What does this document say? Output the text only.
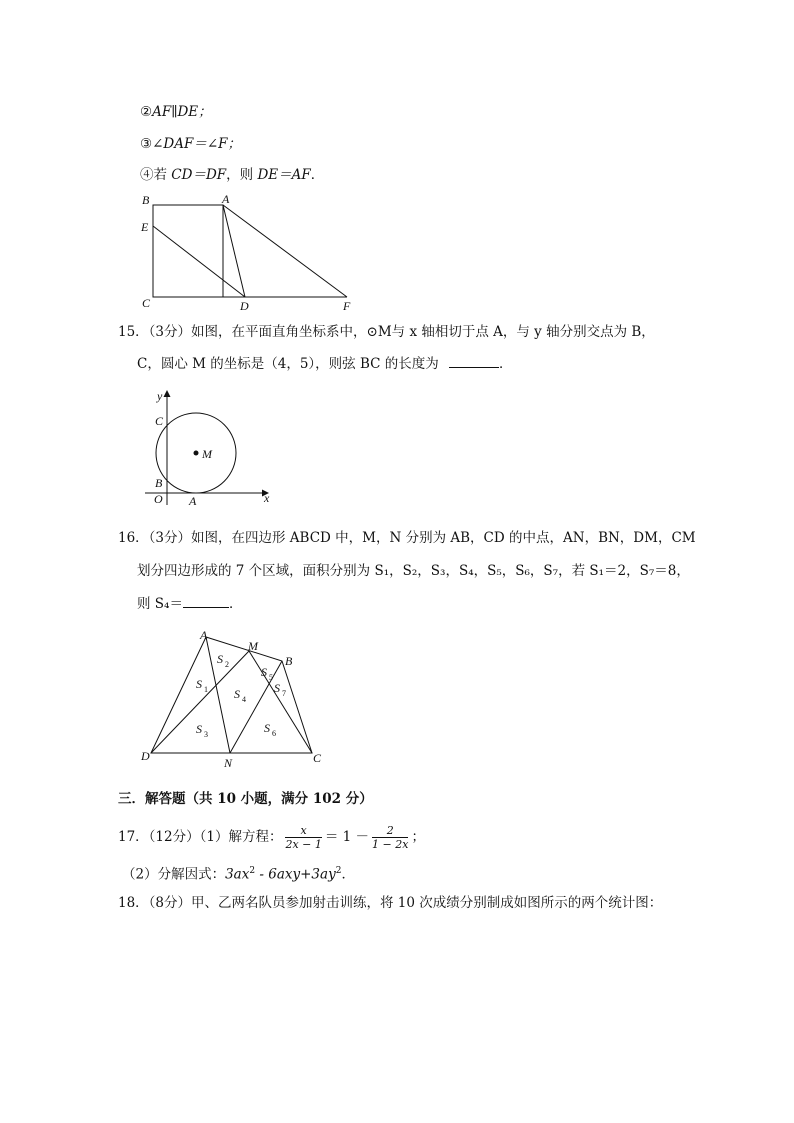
②AF∥DE；
③∠DAF＝∠F；
④若 CD＝DF，则 DE＝AF．
B	A
E
C	D	F
15．（3分）如图，在平面直角坐标系中，⊙M与 x 轴相切于点 A，与 y 轴分别交点为 B，
C，圆心 M 的坐标是（4，5），则弦 BC 的长度为	．
y
C
M
B
O A	x
16．（3分）如图，在四边形 ABCD 中，M，N 分别为 AB，CD 的中点，AN，BN，DM，CM
划分四边形成的 7 个区域，面积分别为 S₁，S₂，S₃，S₄，S₅，S₆，S₇，若 S₁＝2，S₇＝8，
则 S₄＝	．
A
M
B
D	N	C
S 1
S 2
S 3
S 4
S 5
S 6
S 7
三．解答题（共 10 小题，满分 102 分）
17．（12分）（1）解方程： $\frac{x}{2x - 1} = 1 - \frac{2}{1 - 2x}$ ；
（2）分解因式：$3ax^2 - 6axy+3ay^2$．
18．（8分）甲、乙两名队员参加射击训练，将 10 次成绩分别制成如图所示的两个统计图：
